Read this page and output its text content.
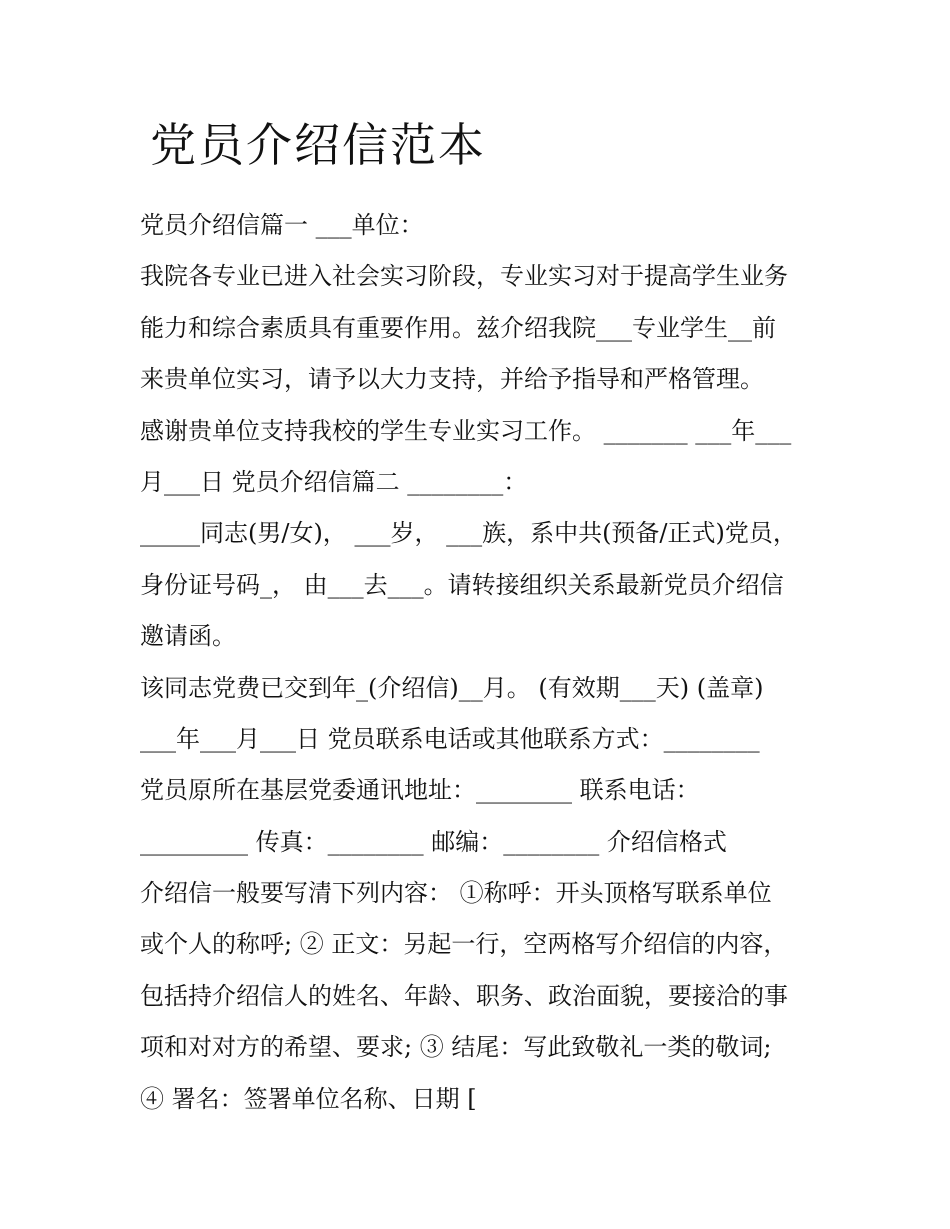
党员介绍信范本

党员介绍信篇一 ___单位：

我院各专业已进入社会实习阶段，专业实习对于提高学生业务

能力和综合素质具有重要作用。兹介绍我院___专业学生__前

来贵单位实习，请予以大力支持，并给予指导和严格管理。

感谢贵单位支持我校的学生专业实习工作。 _______ ___年___

月___日 党员介绍信篇二 ________：

_____同志(男/女)， ___岁， ___族，系中共(预备/正式)党员，

身份证号码_， 由___去___。请转接组织关系最新党员介绍信

邀请函。

该同志党费已交到年_(介绍信)__月。 (有效期___天) (盖章)

___年___月___日 党员联系电话或其他联系方式：________

党员原所在基层党委通讯地址：________ 联系电话：

_________ 传真：________ 邮编：________ 介绍信格式

介绍信一般要写清下列内容： ①称呼：开头顶格写联系单位

或个人的称呼; ② 正文：另起一行，空两格写介绍信的内容，

包括持介绍信人的姓名、年龄、职务、政治面貌，要接洽的事

项和对对方的希望、要求; ③ 结尾：写此致敬礼一类的敬词;

④ 署名：签署单位名称、日期 [
